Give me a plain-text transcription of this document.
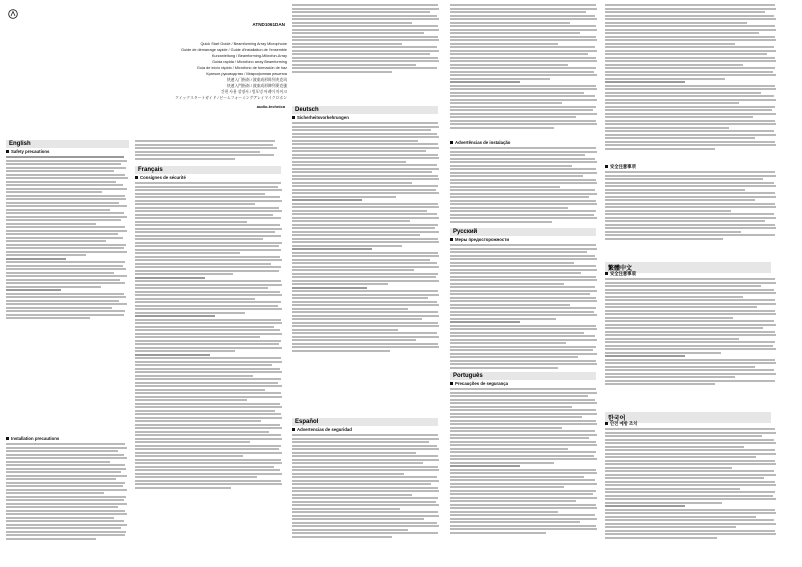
English
Safety precautions
Installation precautions
ATND1061DAN
Quick Start Guide / Beamforming Array Microphone
Guide de démarrage rapide / Guide d'installation de l'ensemble
Kurzanleitung / Beamforming-Mikrofon-Array
Guida rapida / Microfono array Beamforming
Guía de inicio rápido / Micrófono de formación de haz
Краткое руководство / Микрофонная решетка
快速入门指南 / 波束成形阵列麦克风
快速入門指南 / 波束成形陣列麥克風
간편 사용 설명서 / 빔포밍 어레이 마이크
クイックスタートガイド / ビームフォーミングアレイマイクロホン
audio-technica
Français
Consignes de sécurité
Deutsch
Sicherheitsvorkehrungen
Español
Advertencias de seguridad
Advertências de instalação
Русский
Меры предосторожности
Português
Precauções de segurança
安全注意事项
繁體中文
安全注意事項
한국어
안전 예방 조치
